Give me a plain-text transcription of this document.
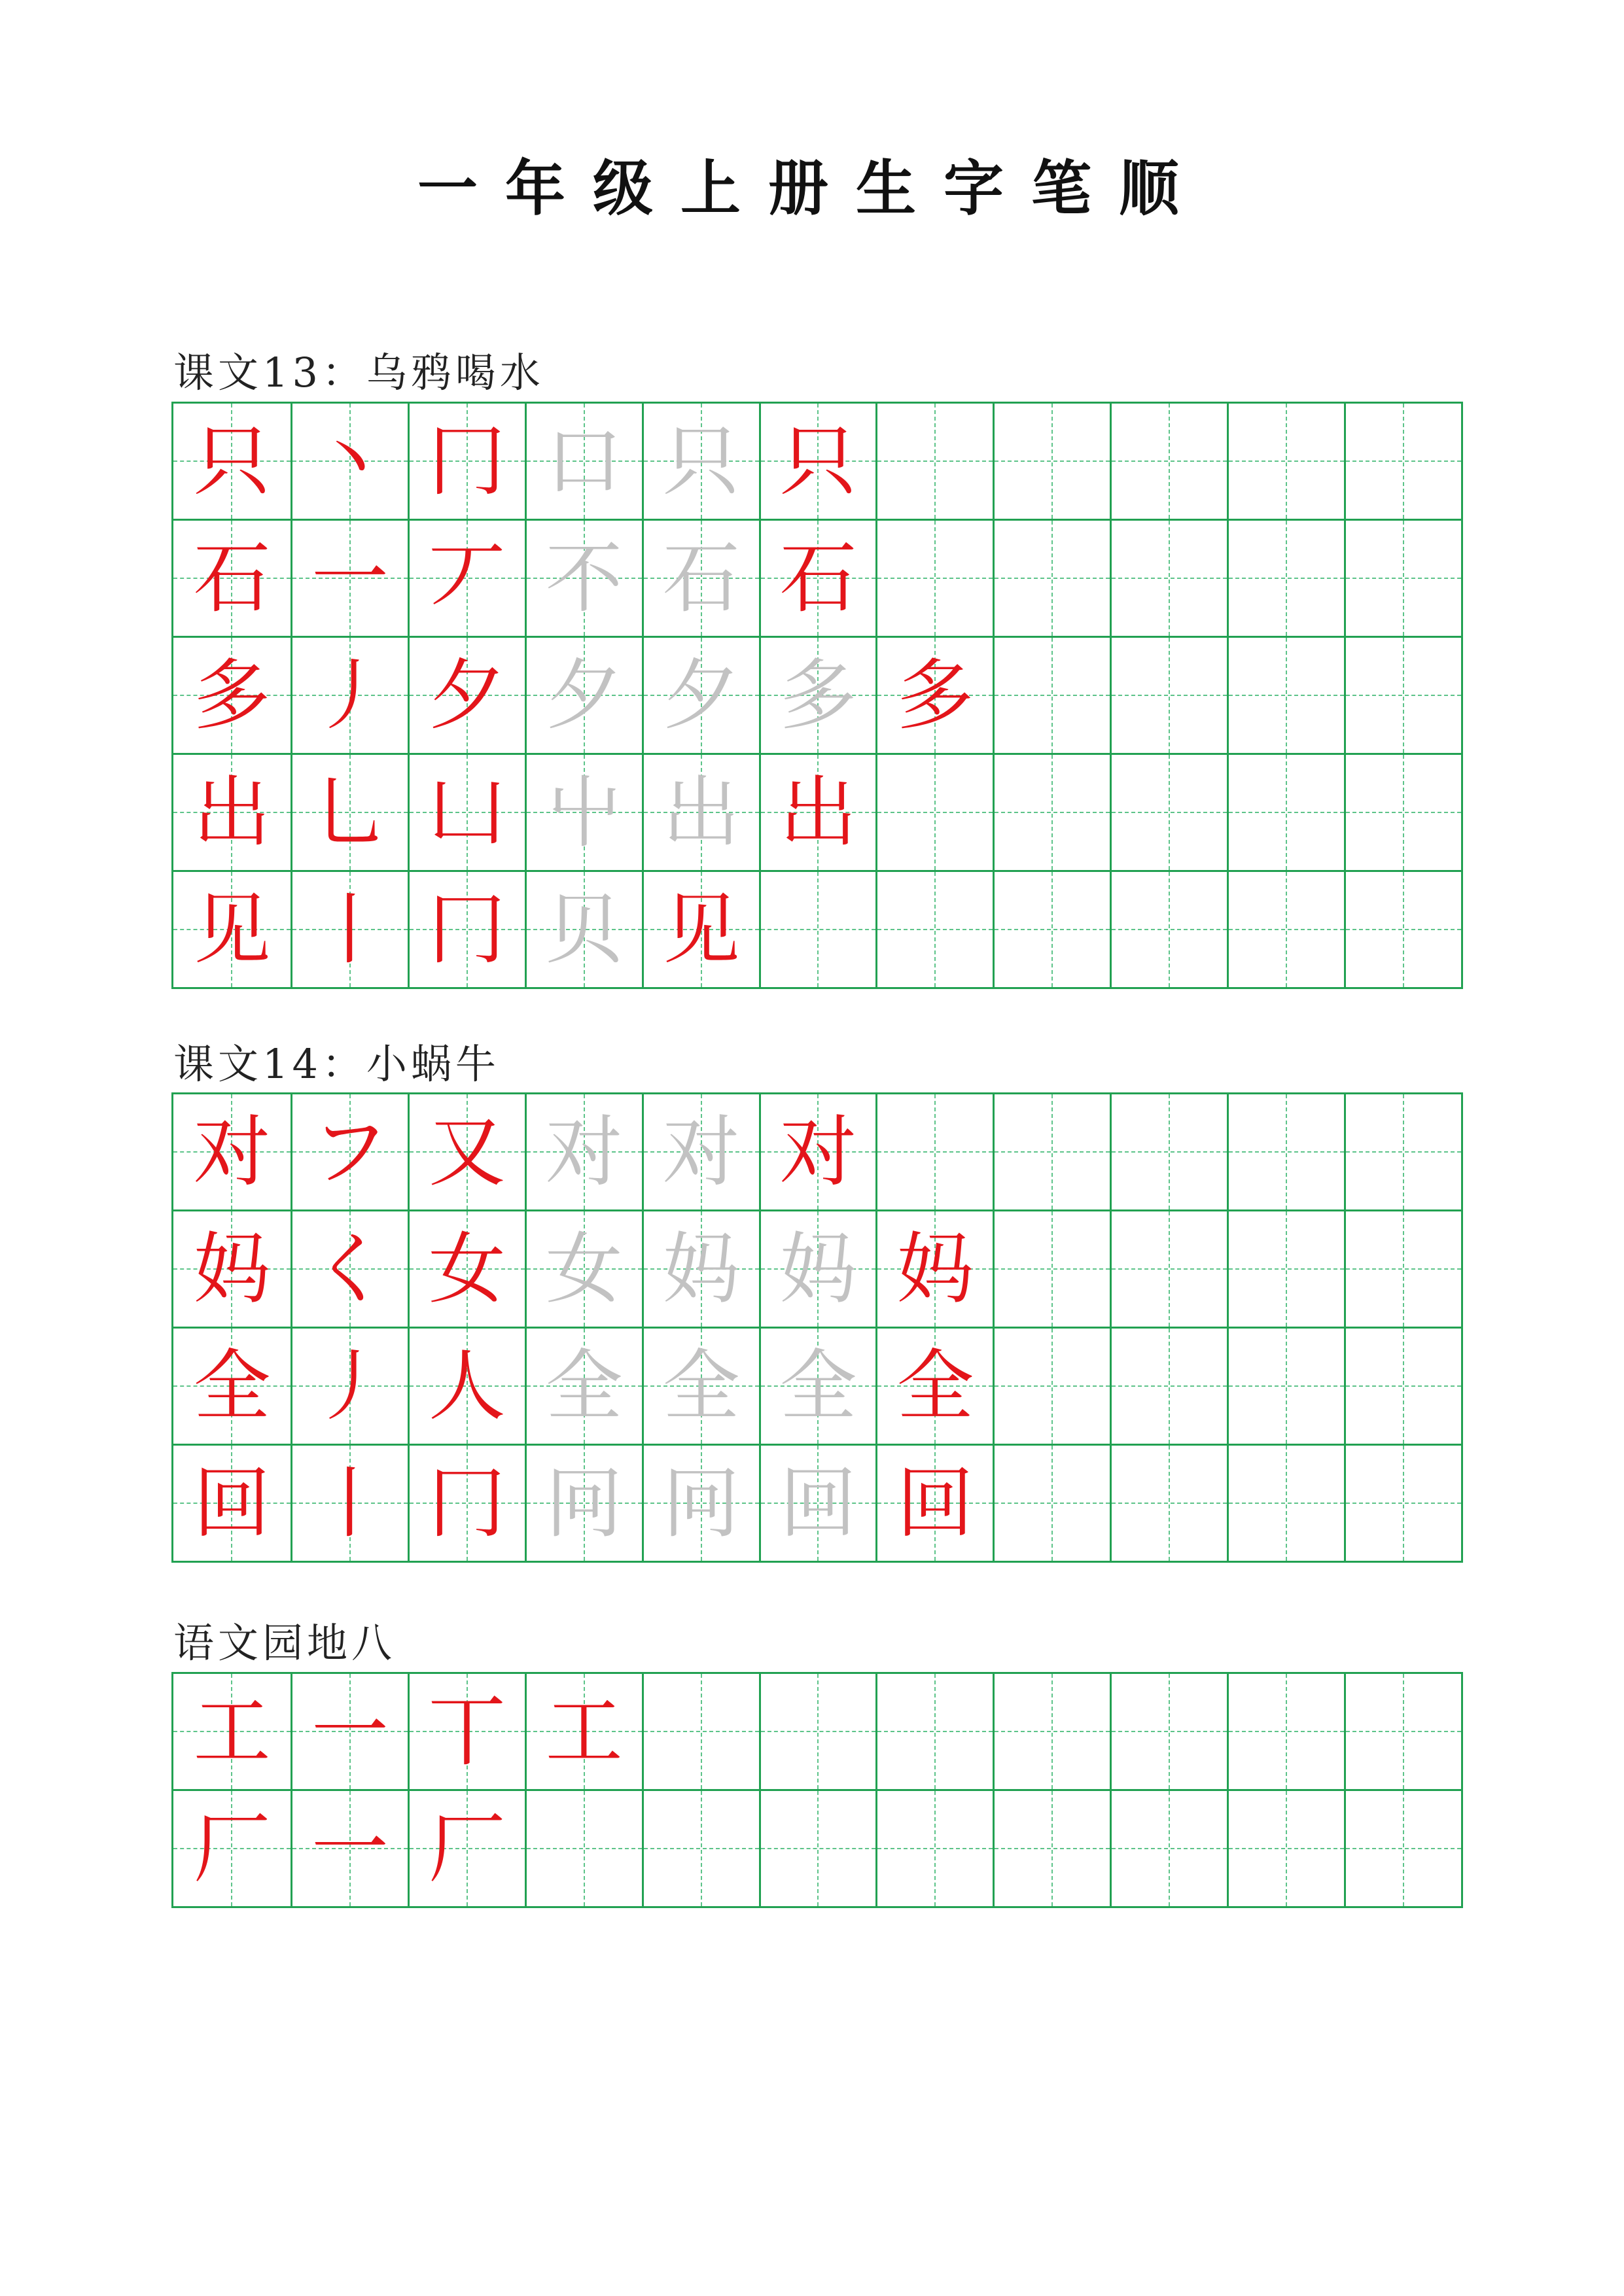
一年级上册生字笔顺
课文13：乌鸦喝水
只 丶 冂 口 只 只
石 一 丆 不 石 石
多 丿 夕 夕 夕 多 多
出 乚 凵 屮 出 出
见 丨 冂 贝 见
课文14：小蜗牛
对 フ 又 对 对 对
妈 く 女 女 妈 妈 妈
全 丿 人 全 全 全 全
回 丨 冂 冋 冋 回 回
语文园地八
工 一 丅 工
厂 一 厂
